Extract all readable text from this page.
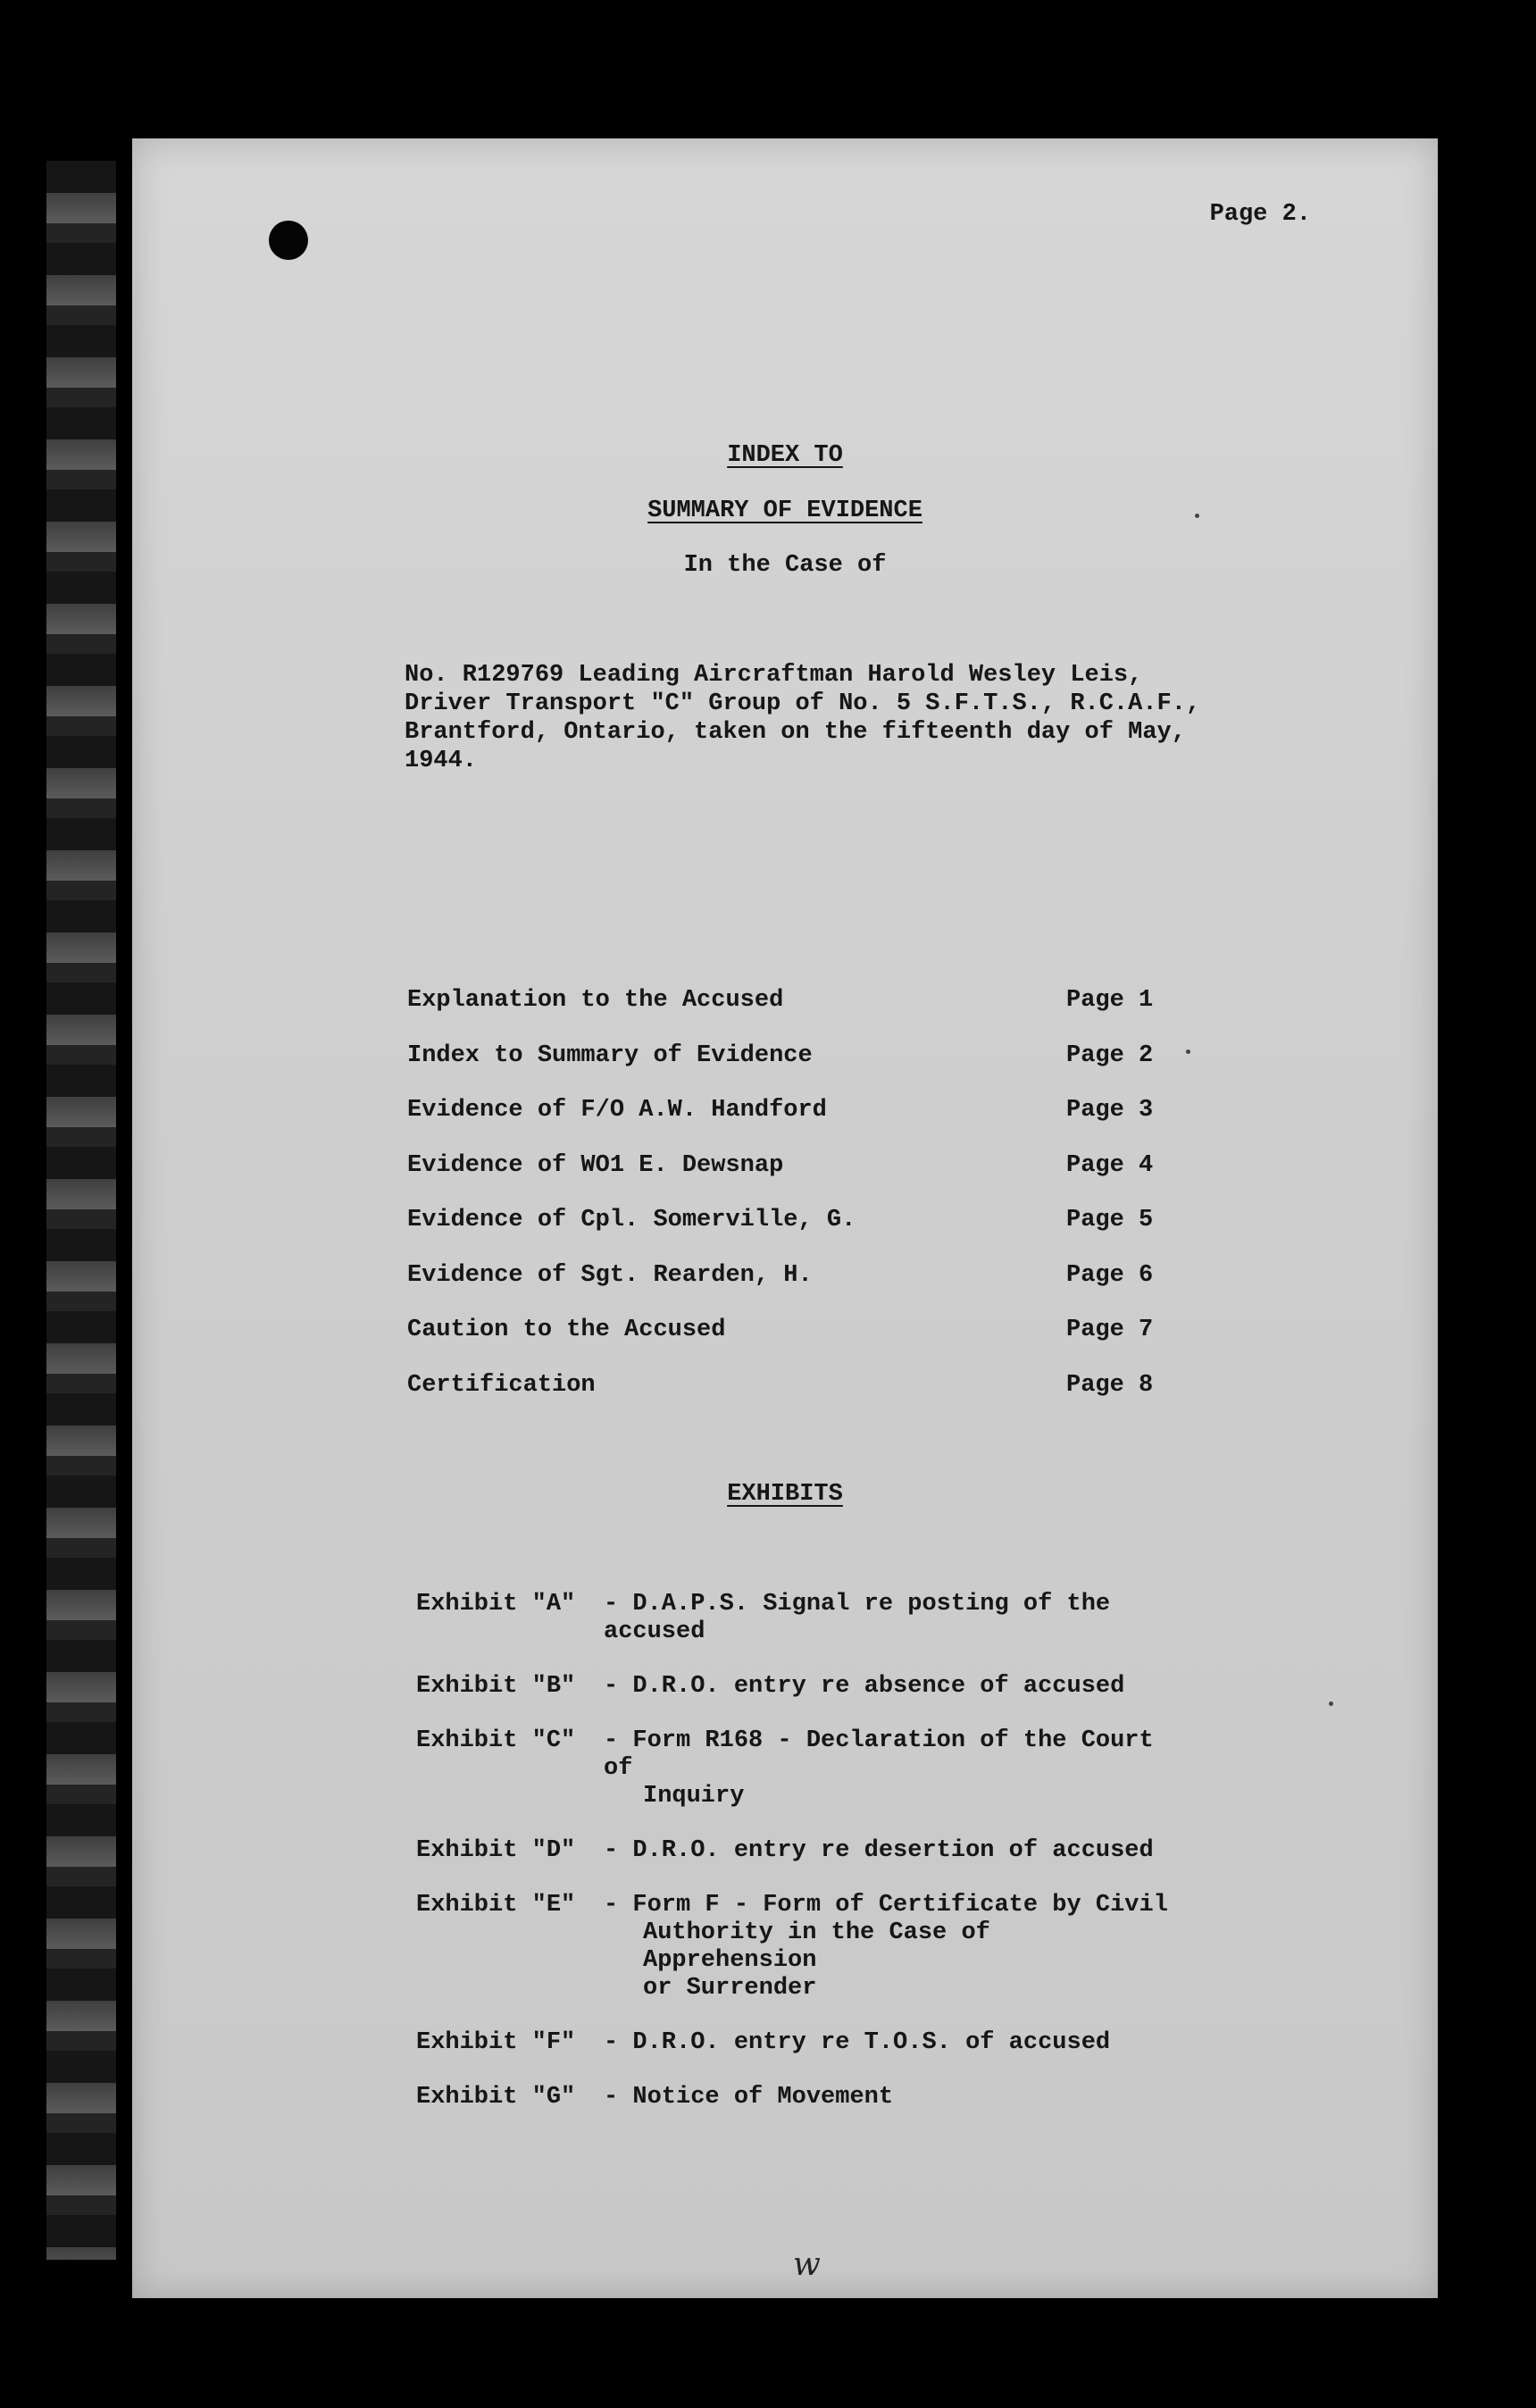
Page 2.
INDEX TO
SUMMARY OF EVIDENCE
In the Case of
No. R129769 Leading Aircraftman Harold Wesley Leis,
Driver Transport "C" Group of No. 5 S.F.T.S., R.C.A.F.,
Brantford, Ontario, taken on the fifteenth day of May,
1944.
Explanation to the Accused	Page 1
Index to Summary of Evidence	Page 2
Evidence of F/O A.W. Handford	Page 3
Evidence of WO1 E. Dewsnap	Page 4
Evidence of Cpl. Somerville, G.	Page 5
Evidence of Sgt. Rearden, H.	Page 6
Caution to the Accused	Page 7
Certification	Page 8
EXHIBITS
Exhibit "A"	- D.A.P.S. Signal re posting of the accused
Exhibit "B"	- D.R.O. entry re absence of accused
Exhibit "C"	- Form R168 - Declaration of the Court of
Inquiry
Exhibit "D"	- D.R.O. entry re desertion of accused
Exhibit "E"	- Form F - Form of Certificate by Civil
Authority in the Case of Apprehension
or Surrender
Exhibit "F"	- D.R.O. entry re T.O.S. of accused
Exhibit "G"	- Notice of Movement
w
